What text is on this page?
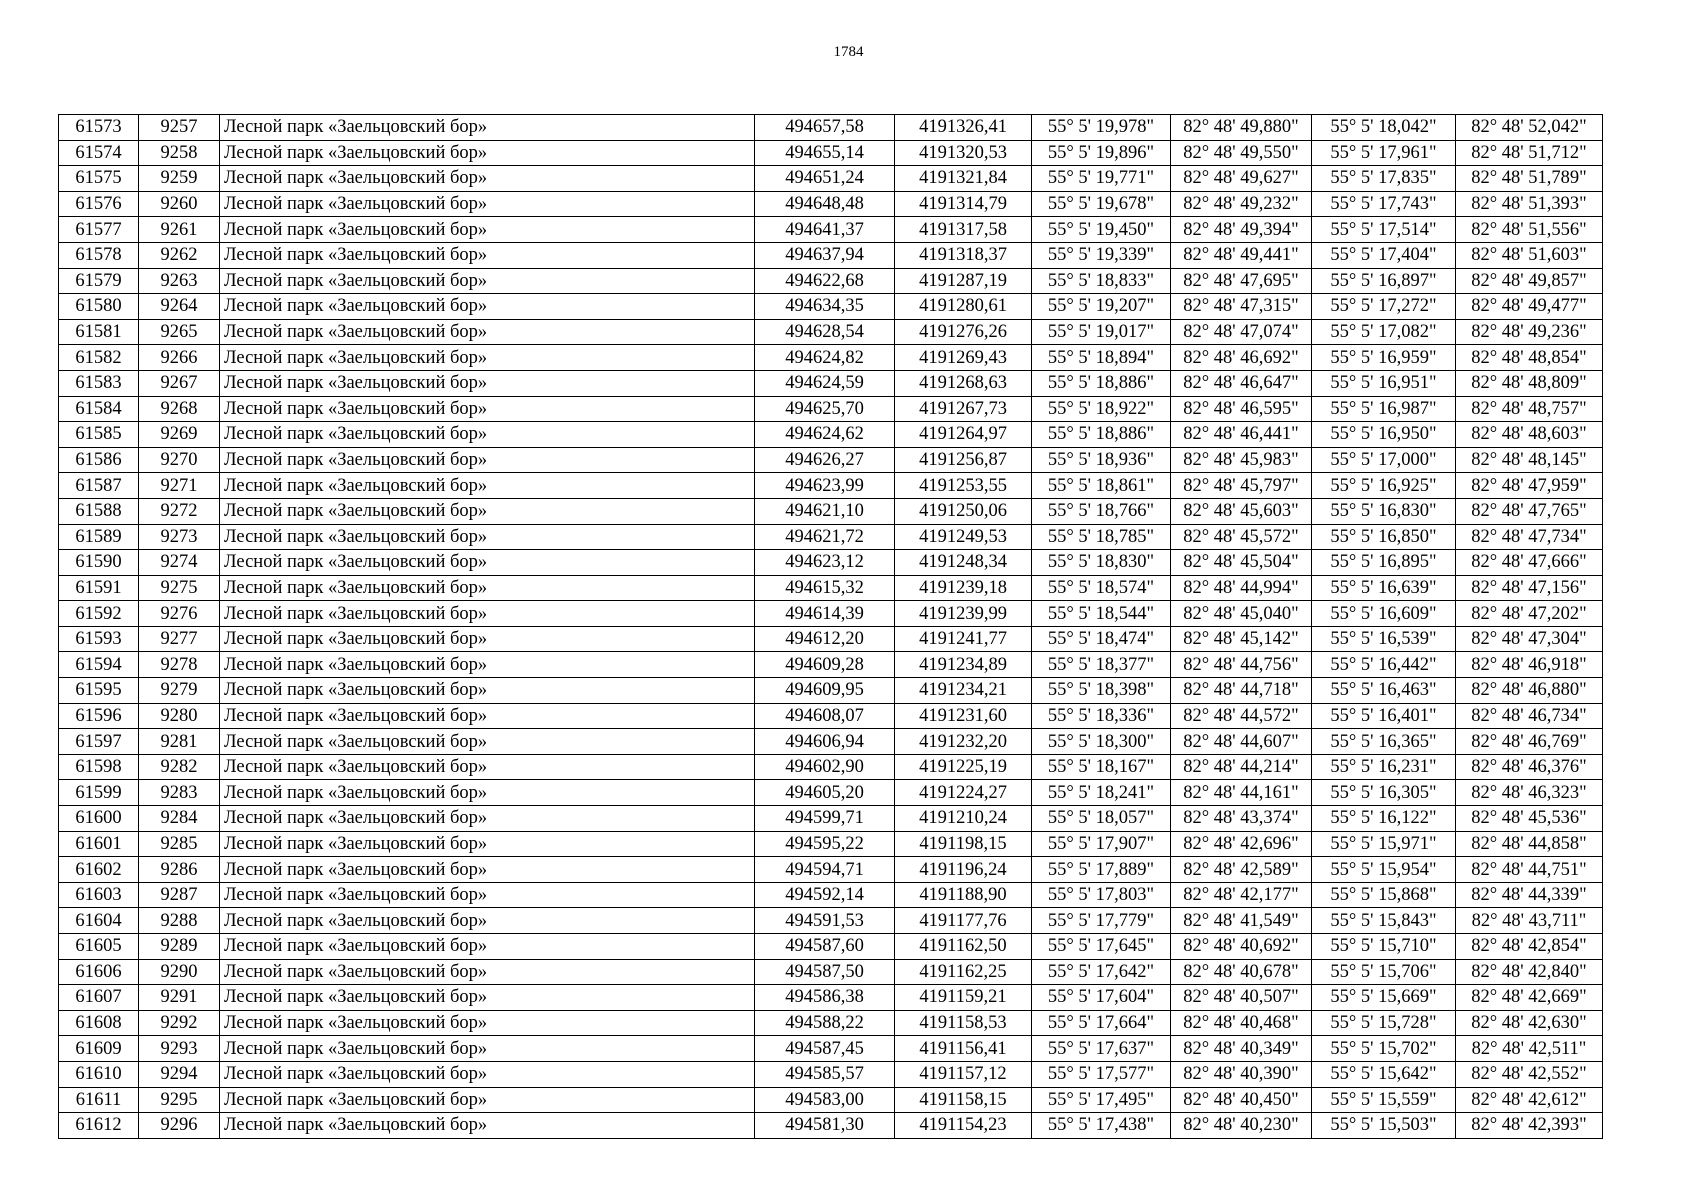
1784
61573	9257	Лесной парк «Заельцовский бор»	494657,58	4191326,41	55° 5' 19,978"	82° 48' 49,880"	55° 5' 18,042"	82° 48' 52,042"
61574	9258	Лесной парк «Заельцовский бор»	494655,14	4191320,53	55° 5' 19,896"	82° 48' 49,550"	55° 5' 17,961"	82° 48' 51,712"
61575	9259	Лесной парк «Заельцовский бор»	494651,24	4191321,84	55° 5' 19,771"	82° 48' 49,627"	55° 5' 17,835"	82° 48' 51,789"
61576	9260	Лесной парк «Заельцовский бор»	494648,48	4191314,79	55° 5' 19,678"	82° 48' 49,232"	55° 5' 17,743"	82° 48' 51,393"
61577	9261	Лесной парк «Заельцовский бор»	494641,37	4191317,58	55° 5' 19,450"	82° 48' 49,394"	55° 5' 17,514"	82° 48' 51,556"
61578	9262	Лесной парк «Заельцовский бор»	494637,94	4191318,37	55° 5' 19,339"	82° 48' 49,441"	55° 5' 17,404"	82° 48' 51,603"
61579	9263	Лесной парк «Заельцовский бор»	494622,68	4191287,19	55° 5' 18,833"	82° 48' 47,695"	55° 5' 16,897"	82° 48' 49,857"
61580	9264	Лесной парк «Заельцовский бор»	494634,35	4191280,61	55° 5' 19,207"	82° 48' 47,315"	55° 5' 17,272"	82° 48' 49,477"
61581	9265	Лесной парк «Заельцовский бор»	494628,54	4191276,26	55° 5' 19,017"	82° 48' 47,074"	55° 5' 17,082"	82° 48' 49,236"
61582	9266	Лесной парк «Заельцовский бор»	494624,82	4191269,43	55° 5' 18,894"	82° 48' 46,692"	55° 5' 16,959"	82° 48' 48,854"
61583	9267	Лесной парк «Заельцовский бор»	494624,59	4191268,63	55° 5' 18,886"	82° 48' 46,647"	55° 5' 16,951"	82° 48' 48,809"
61584	9268	Лесной парк «Заельцовский бор»	494625,70	4191267,73	55° 5' 18,922"	82° 48' 46,595"	55° 5' 16,987"	82° 48' 48,757"
61585	9269	Лесной парк «Заельцовский бор»	494624,62	4191264,97	55° 5' 18,886"	82° 48' 46,441"	55° 5' 16,950"	82° 48' 48,603"
61586	9270	Лесной парк «Заельцовский бор»	494626,27	4191256,87	55° 5' 18,936"	82° 48' 45,983"	55° 5' 17,000"	82° 48' 48,145"
61587	9271	Лесной парк «Заельцовский бор»	494623,99	4191253,55	55° 5' 18,861"	82° 48' 45,797"	55° 5' 16,925"	82° 48' 47,959"
61588	9272	Лесной парк «Заельцовский бор»	494621,10	4191250,06	55° 5' 18,766"	82° 48' 45,603"	55° 5' 16,830"	82° 48' 47,765"
61589	9273	Лесной парк «Заельцовский бор»	494621,72	4191249,53	55° 5' 18,785"	82° 48' 45,572"	55° 5' 16,850"	82° 48' 47,734"
61590	9274	Лесной парк «Заельцовский бор»	494623,12	4191248,34	55° 5' 18,830"	82° 48' 45,504"	55° 5' 16,895"	82° 48' 47,666"
61591	9275	Лесной парк «Заельцовский бор»	494615,32	4191239,18	55° 5' 18,574"	82° 48' 44,994"	55° 5' 16,639"	82° 48' 47,156"
61592	9276	Лесной парк «Заельцовский бор»	494614,39	4191239,99	55° 5' 18,544"	82° 48' 45,040"	55° 5' 16,609"	82° 48' 47,202"
61593	9277	Лесной парк «Заельцовский бор»	494612,20	4191241,77	55° 5' 18,474"	82° 48' 45,142"	55° 5' 16,539"	82° 48' 47,304"
61594	9278	Лесной парк «Заельцовский бор»	494609,28	4191234,89	55° 5' 18,377"	82° 48' 44,756"	55° 5' 16,442"	82° 48' 46,918"
61595	9279	Лесной парк «Заельцовский бор»	494609,95	4191234,21	55° 5' 18,398"	82° 48' 44,718"	55° 5' 16,463"	82° 48' 46,880"
61596	9280	Лесной парк «Заельцовский бор»	494608,07	4191231,60	55° 5' 18,336"	82° 48' 44,572"	55° 5' 16,401"	82° 48' 46,734"
61597	9281	Лесной парк «Заельцовский бор»	494606,94	4191232,20	55° 5' 18,300"	82° 48' 44,607"	55° 5' 16,365"	82° 48' 46,769"
61598	9282	Лесной парк «Заельцовский бор»	494602,90	4191225,19	55° 5' 18,167"	82° 48' 44,214"	55° 5' 16,231"	82° 48' 46,376"
61599	9283	Лесной парк «Заельцовский бор»	494605,20	4191224,27	55° 5' 18,241"	82° 48' 44,161"	55° 5' 16,305"	82° 48' 46,323"
61600	9284	Лесной парк «Заельцовский бор»	494599,71	4191210,24	55° 5' 18,057"	82° 48' 43,374"	55° 5' 16,122"	82° 48' 45,536"
61601	9285	Лесной парк «Заельцовский бор»	494595,22	4191198,15	55° 5' 17,907"	82° 48' 42,696"	55° 5' 15,971"	82° 48' 44,858"
61602	9286	Лесной парк «Заельцовский бор»	494594,71	4191196,24	55° 5' 17,889"	82° 48' 42,589"	55° 5' 15,954"	82° 48' 44,751"
61603	9287	Лесной парк «Заельцовский бор»	494592,14	4191188,90	55° 5' 17,803"	82° 48' 42,177"	55° 5' 15,868"	82° 48' 44,339"
61604	9288	Лесной парк «Заельцовский бор»	494591,53	4191177,76	55° 5' 17,779"	82° 48' 41,549"	55° 5' 15,843"	82° 48' 43,711"
61605	9289	Лесной парк «Заельцовский бор»	494587,60	4191162,50	55° 5' 17,645"	82° 48' 40,692"	55° 5' 15,710"	82° 48' 42,854"
61606	9290	Лесной парк «Заельцовский бор»	494587,50	4191162,25	55° 5' 17,642"	82° 48' 40,678"	55° 5' 15,706"	82° 48' 42,840"
61607	9291	Лесной парк «Заельцовский бор»	494586,38	4191159,21	55° 5' 17,604"	82° 48' 40,507"	55° 5' 15,669"	82° 48' 42,669"
61608	9292	Лесной парк «Заельцовский бор»	494588,22	4191158,53	55° 5' 17,664"	82° 48' 40,468"	55° 5' 15,728"	82° 48' 42,630"
61609	9293	Лесной парк «Заельцовский бор»	494587,45	4191156,41	55° 5' 17,637"	82° 48' 40,349"	55° 5' 15,702"	82° 48' 42,511"
61610	9294	Лесной парк «Заельцовский бор»	494585,57	4191157,12	55° 5' 17,577"	82° 48' 40,390"	55° 5' 15,642"	82° 48' 42,552"
61611	9295	Лесной парк «Заельцовский бор»	494583,00	4191158,15	55° 5' 17,495"	82° 48' 40,450"	55° 5' 15,559"	82° 48' 42,612"
61612	9296	Лесной парк «Заельцовский бор»	494581,30	4191154,23	55° 5' 17,438"	82° 48' 40,230"	55° 5' 15,503"	82° 48' 42,393"
